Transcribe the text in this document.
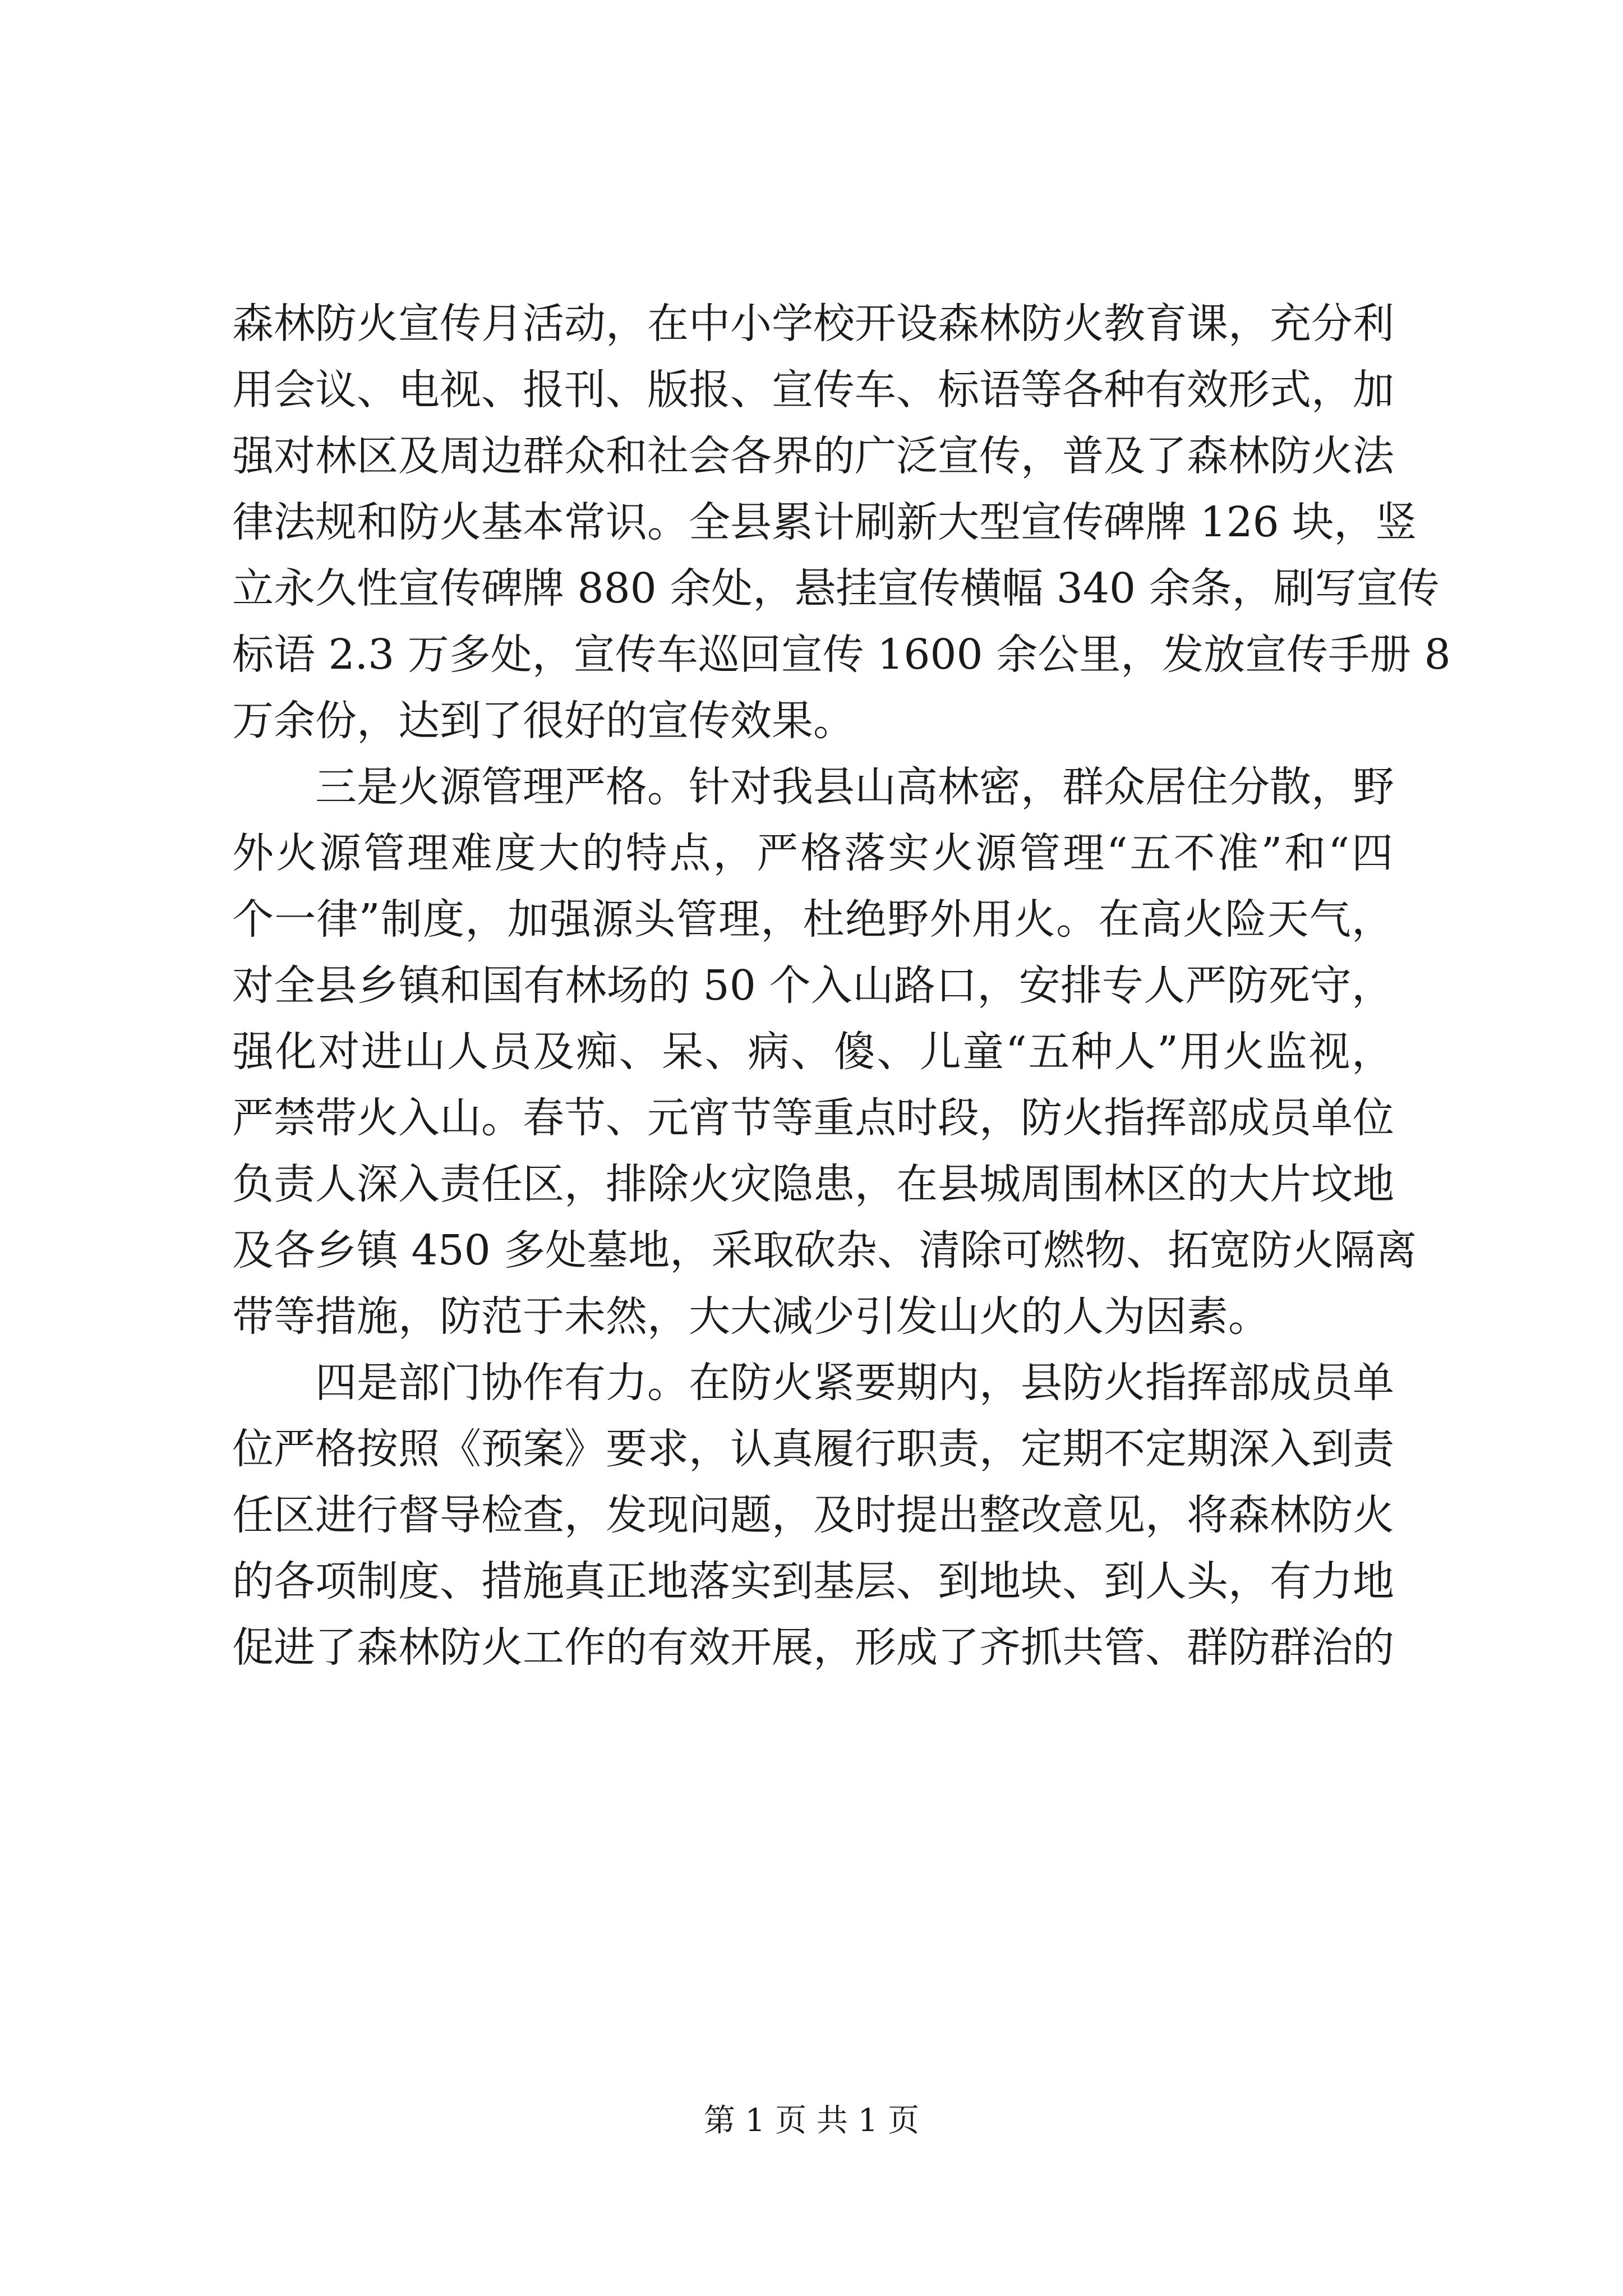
森林防火宣传月活动，在中小学校开设森林防火教育课，充分利
用会议、电视、报刊、版报、宣传车、标语等各种有效形式，加
强对林区及周边群众和社会各界的广泛宣传，普及了森林防火法
律法规和防火基本常识。全县累计刷新大型宣传碑牌 126 块，竖
立永久性宣传碑牌 880 余处，悬挂宣传横幅 340 余条，刷写宣传
标语 2.3 万多处，宣传车巡回宣传 1600 余公里，发放宣传手册 8
万余份，达到了很好的宣传效果。
三是火源管理严格。针对我县山高林密，群众居住分散，野
外火源管理难度大的特点，严格落实火源管理“五不准”和“四
个一律”制度，加强源头管理，杜绝野外用火。在高火险天气，
对全县乡镇和国有林场的 50 个入山路口，安排专人严防死守，
强化对进山人员及痴、呆、病、傻、儿童“五种人”用火监视，
严禁带火入山。春节、元宵节等重点时段，防火指挥部成员单位
负责人深入责任区，排除火灾隐患，在县城周围林区的大片坟地
及各乡镇 450 多处墓地，采取砍杂、清除可燃物、拓宽防火隔离
带等措施，防范于未然，大大减少引发山火的人为因素。
四是部门协作有力。在防火紧要期内，县防火指挥部成员单
位严格按照《预案》要求，认真履行职责，定期不定期深入到责
任区进行督导检查，发现问题，及时提出整改意见，将森林防火
的各项制度、措施真正地落实到基层、到地块、到人头，有力地
促进了森林防火工作的有效开展，形成了齐抓共管、群防群治的
第 1 页 共 1 页
